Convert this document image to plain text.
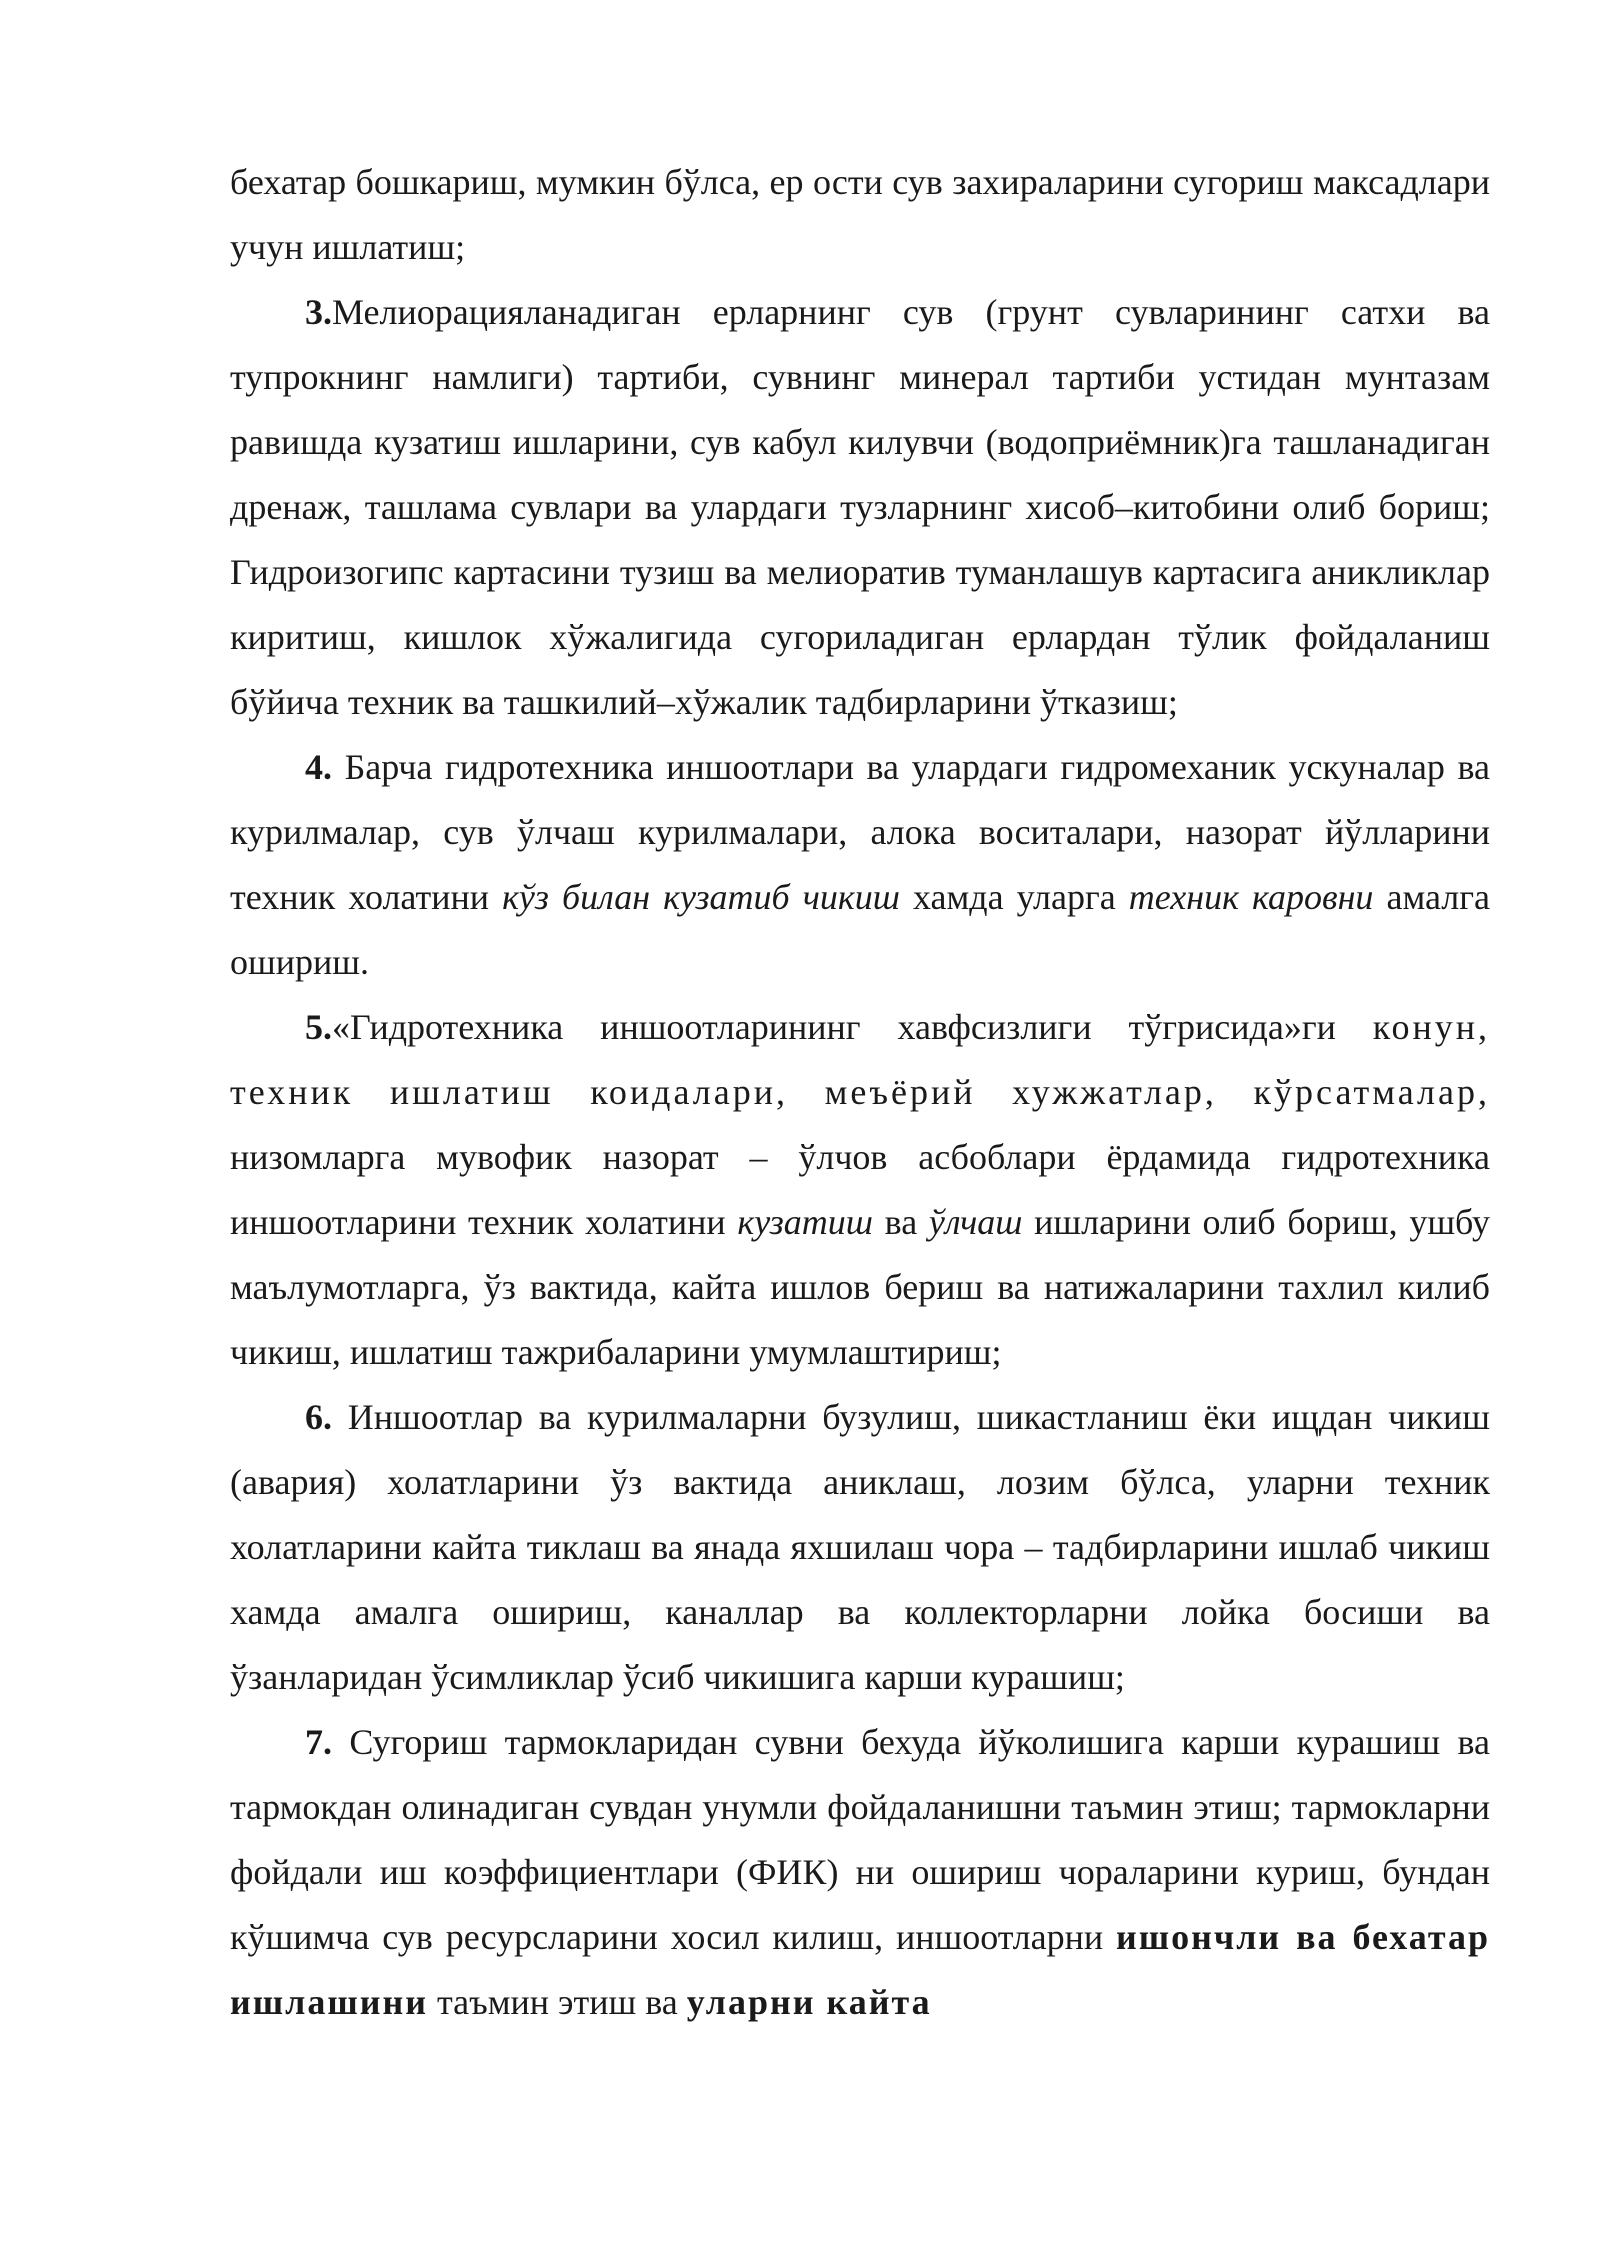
бехатар бошкариш, мумкин бўлса, ер ости сув захираларини сугориш максадлари учун ишлатиш;

3.Мелиорацияланадиган ерларнинг сув (грунт сувларининг сатхи ва тупрокнинг намлиги) тартиби, сувнинг минерал тартиби устидан мунтазам равишда кузатиш ишларини, сув кабул килувчи (водоприёмник)га ташланадиган дренаж, ташлама сувлари ва улардаги тузларнинг хисоб–китобини олиб бориш; Гидроизогипс картасини тузиш ва мелиоратив туманлашув картасига аникликлар киритиш, кишлок хўжалигида сугориладиган ерлардан тўлик фойдаланиш бўйича техник ва ташкилий–хўжалик тадбирларини ўтказиш;

4. Барча гидротехника иншоотлари ва улардаги гидромеханик ускуналар ва курилмалар, сув ўлчаш курилмалари, алока воситалари, назорат йўлларини техник холатини кўз билан кузатиб чикиш хамда уларга техник каровни амалга ошириш.

5.«Гидротехника иншоотларининг хавфсизлиги тўгрисида»ги конун, техник ишлатиш коидалари, меъёрий хужжатлар, кўрсатмалар, низомларга мувофик назорат – ўлчов асбоблари ёрдамида гидротехника иншоотларини техник холатини кузатиш ва ўлчаш ишларини олиб бориш, ушбу маълумотларга, ўз вактида, кайта ишлов бериш ва натижаларини тахлил килиб чикиш, ишлатиш тажрибаларини умумлаштириш;

6. Иншоотлар ва курилмаларни бузулиш, шикастланиш ёки ищдан чикиш (авария) холатларини ўз вактида аниклаш, лозим бўлса, уларни техник холатларини кайта тиклаш ва янада яхшилаш чора – тадбирларини ишлаб чикиш хамда амалга ошириш, каналлар ва коллекторларни лойка босиши ва ўзанларидан ўсимликлар ўсиб чикишига карши курашиш;

7. Сугориш тармокларидан сувни бехуда йўколишига карши курашиш ва тармокдан олинадиган сувдан унумли фойдаланишни таъмин этиш; тармокларни фойдали иш коэффициентлари (ФИК) ни ошириш чораларини куриш, бундан кўшимча сув ресурсларини хосил килиш, иншоотларни ишончли ва бехатар ишлашини таъмин этиш ва уларни кайта
